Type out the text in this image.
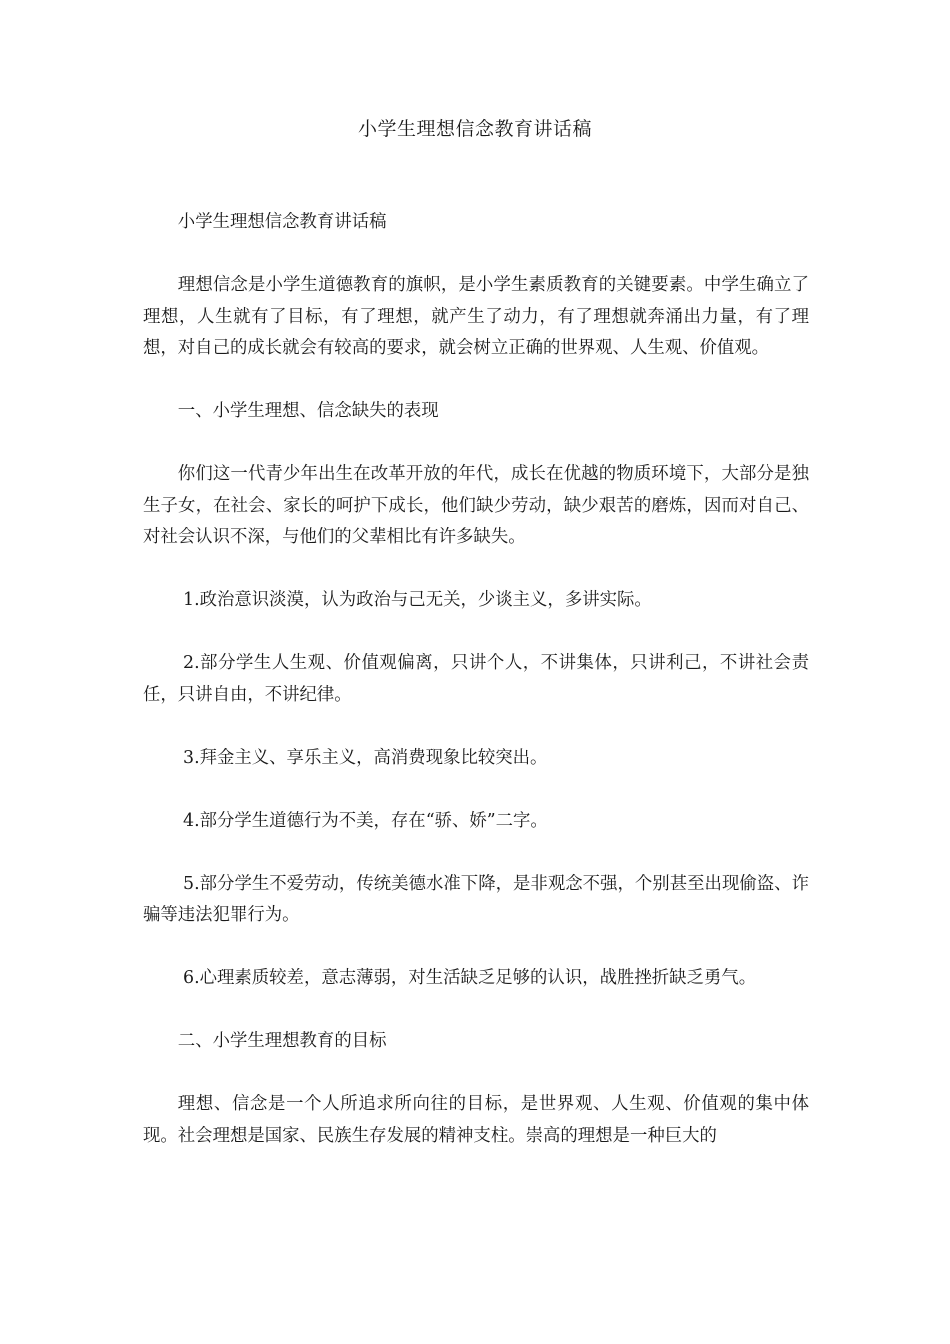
小学生理想信念教育讲话稿

小学生理想信念教育讲话稿

理想信念是小学生道德教育的旗帜，是小学生素质教育的关键要素。中学生确立了理想，人生就有了目标，有了理想，就产生了动力，有了理想就奔涌出力量，有了理想，对自己的成长就会有较高的要求，就会树立正确的世界观、人生观、价值观。

一、小学生理想、信念缺失的表现

你们这一代青少年出生在改革开放的年代，成长在优越的物质环境下，大部分是独生子女，在社会、家长的呵护下成长，他们缺少劳动，缺少艰苦的磨炼，因而对自己、对社会认识不深，与他们的父辈相比有许多缺失。

1.政治意识淡漠，认为政治与己无关，少谈主义，多讲实际。

2.部分学生人生观、价值观偏离，只讲个人，不讲集体，只讲利己，不讲社会责任，只讲自由，不讲纪律。

3.拜金主义、享乐主义，高消费现象比较突出。

4.部分学生道德行为不美，存在“骄、娇”二字。

5.部分学生不爱劳动，传统美德水准下降，是非观念不强，个别甚至出现偷盗、诈骗等违法犯罪行为。

6.心理素质较差，意志薄弱，对生活缺乏足够的认识，战胜挫折缺乏勇气。

二、小学生理想教育的目标

理想、信念是一个人所追求所向往的目标，是世界观、人生观、价值观的集中体现。社会理想是国家、民族生存发展的精神支柱。崇高的理想是一种巨大的
